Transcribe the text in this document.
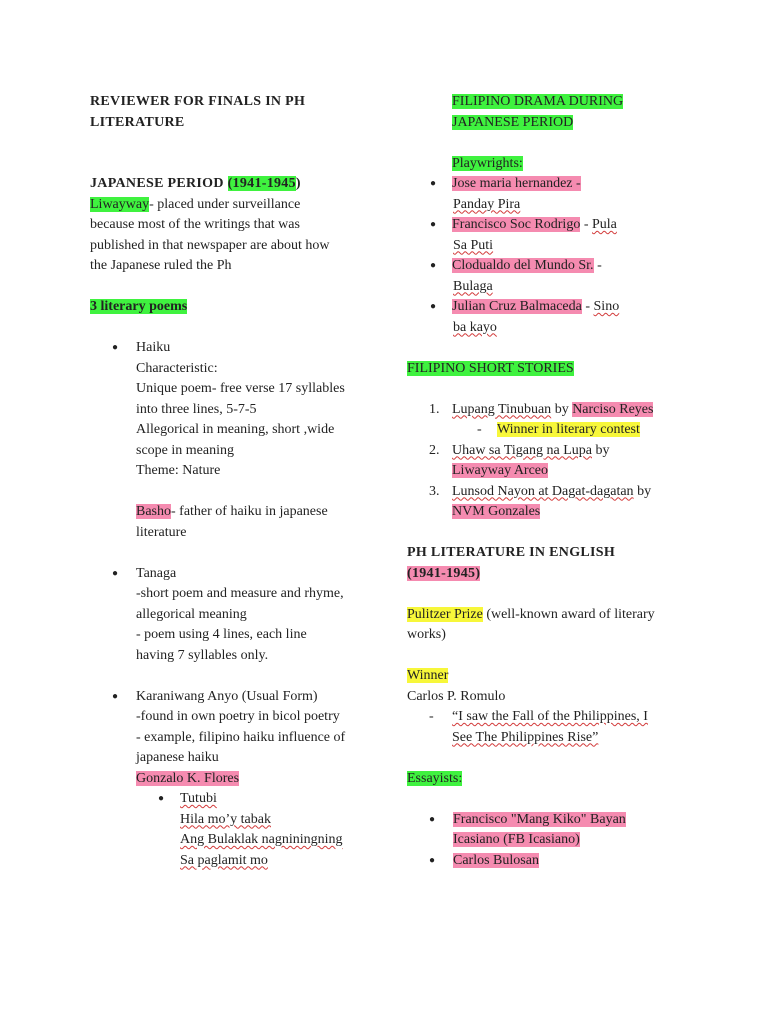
REVIEWER FOR FINALS IN PH
LITERATURE
JAPANESE PERIOD (1941-1945)
Liwayway- placed under surveillance
because most of the writings that was
published in that newspaper are about how
the Japanese ruled the Ph
3 literary poems
● Haiku
Characteristic:
Unique poem- free verse 17 syllables
into three lines, 5-7-5
Allegorical in meaning, short ,wide
scope in meaning
Theme: Nature
Basho- father of haiku in japanese
literature
● Tanaga
-short poem and measure and rhyme,
allegorical meaning
- poem using 4 lines, each line
having 7 syllables only.
● Karaniwang Anyo (Usual Form)
-found in own poetry in bicol poetry
- example, filipino haiku influence of
japanese haiku
Gonzalo K. Flores
● Tutubi
Hila mo’y tabak
Ang Bulaklak nagniningning
Sa paglamit mo
FILIPINO DRAMA DURING
JAPANESE PERIOD
Playwrights:
● Jose maria hernandez -
Panday Pira
● Francisco Soc Rodrigo - Pula
Sa Puti
● Clodualdo del Mundo Sr. -
Bulaga
● Julian Cruz Balmaceda - Sino
ba kayo
FILIPINO SHORT STORIES
1. Lupang Tinubuan by Narciso Reyes
- Winner in literary contest
2. Uhaw sa Tigang na Lupa by
Liwayway Arceo
3. Lunsod Nayon at Dagat-dagatan by
NVM Gonzales
PH LITERATURE IN ENGLISH
(1941-1945)
Pulitzer Prize (well-known award of literary
works)
Winner
Carlos P. Romulo
- “I saw the Fall of the Philippines, I
See The Philippines Rise”
Essayists:
● Francisco "Mang Kiko" Bayan
Icasiano (FB Icasiano)
● Carlos Bulosan
